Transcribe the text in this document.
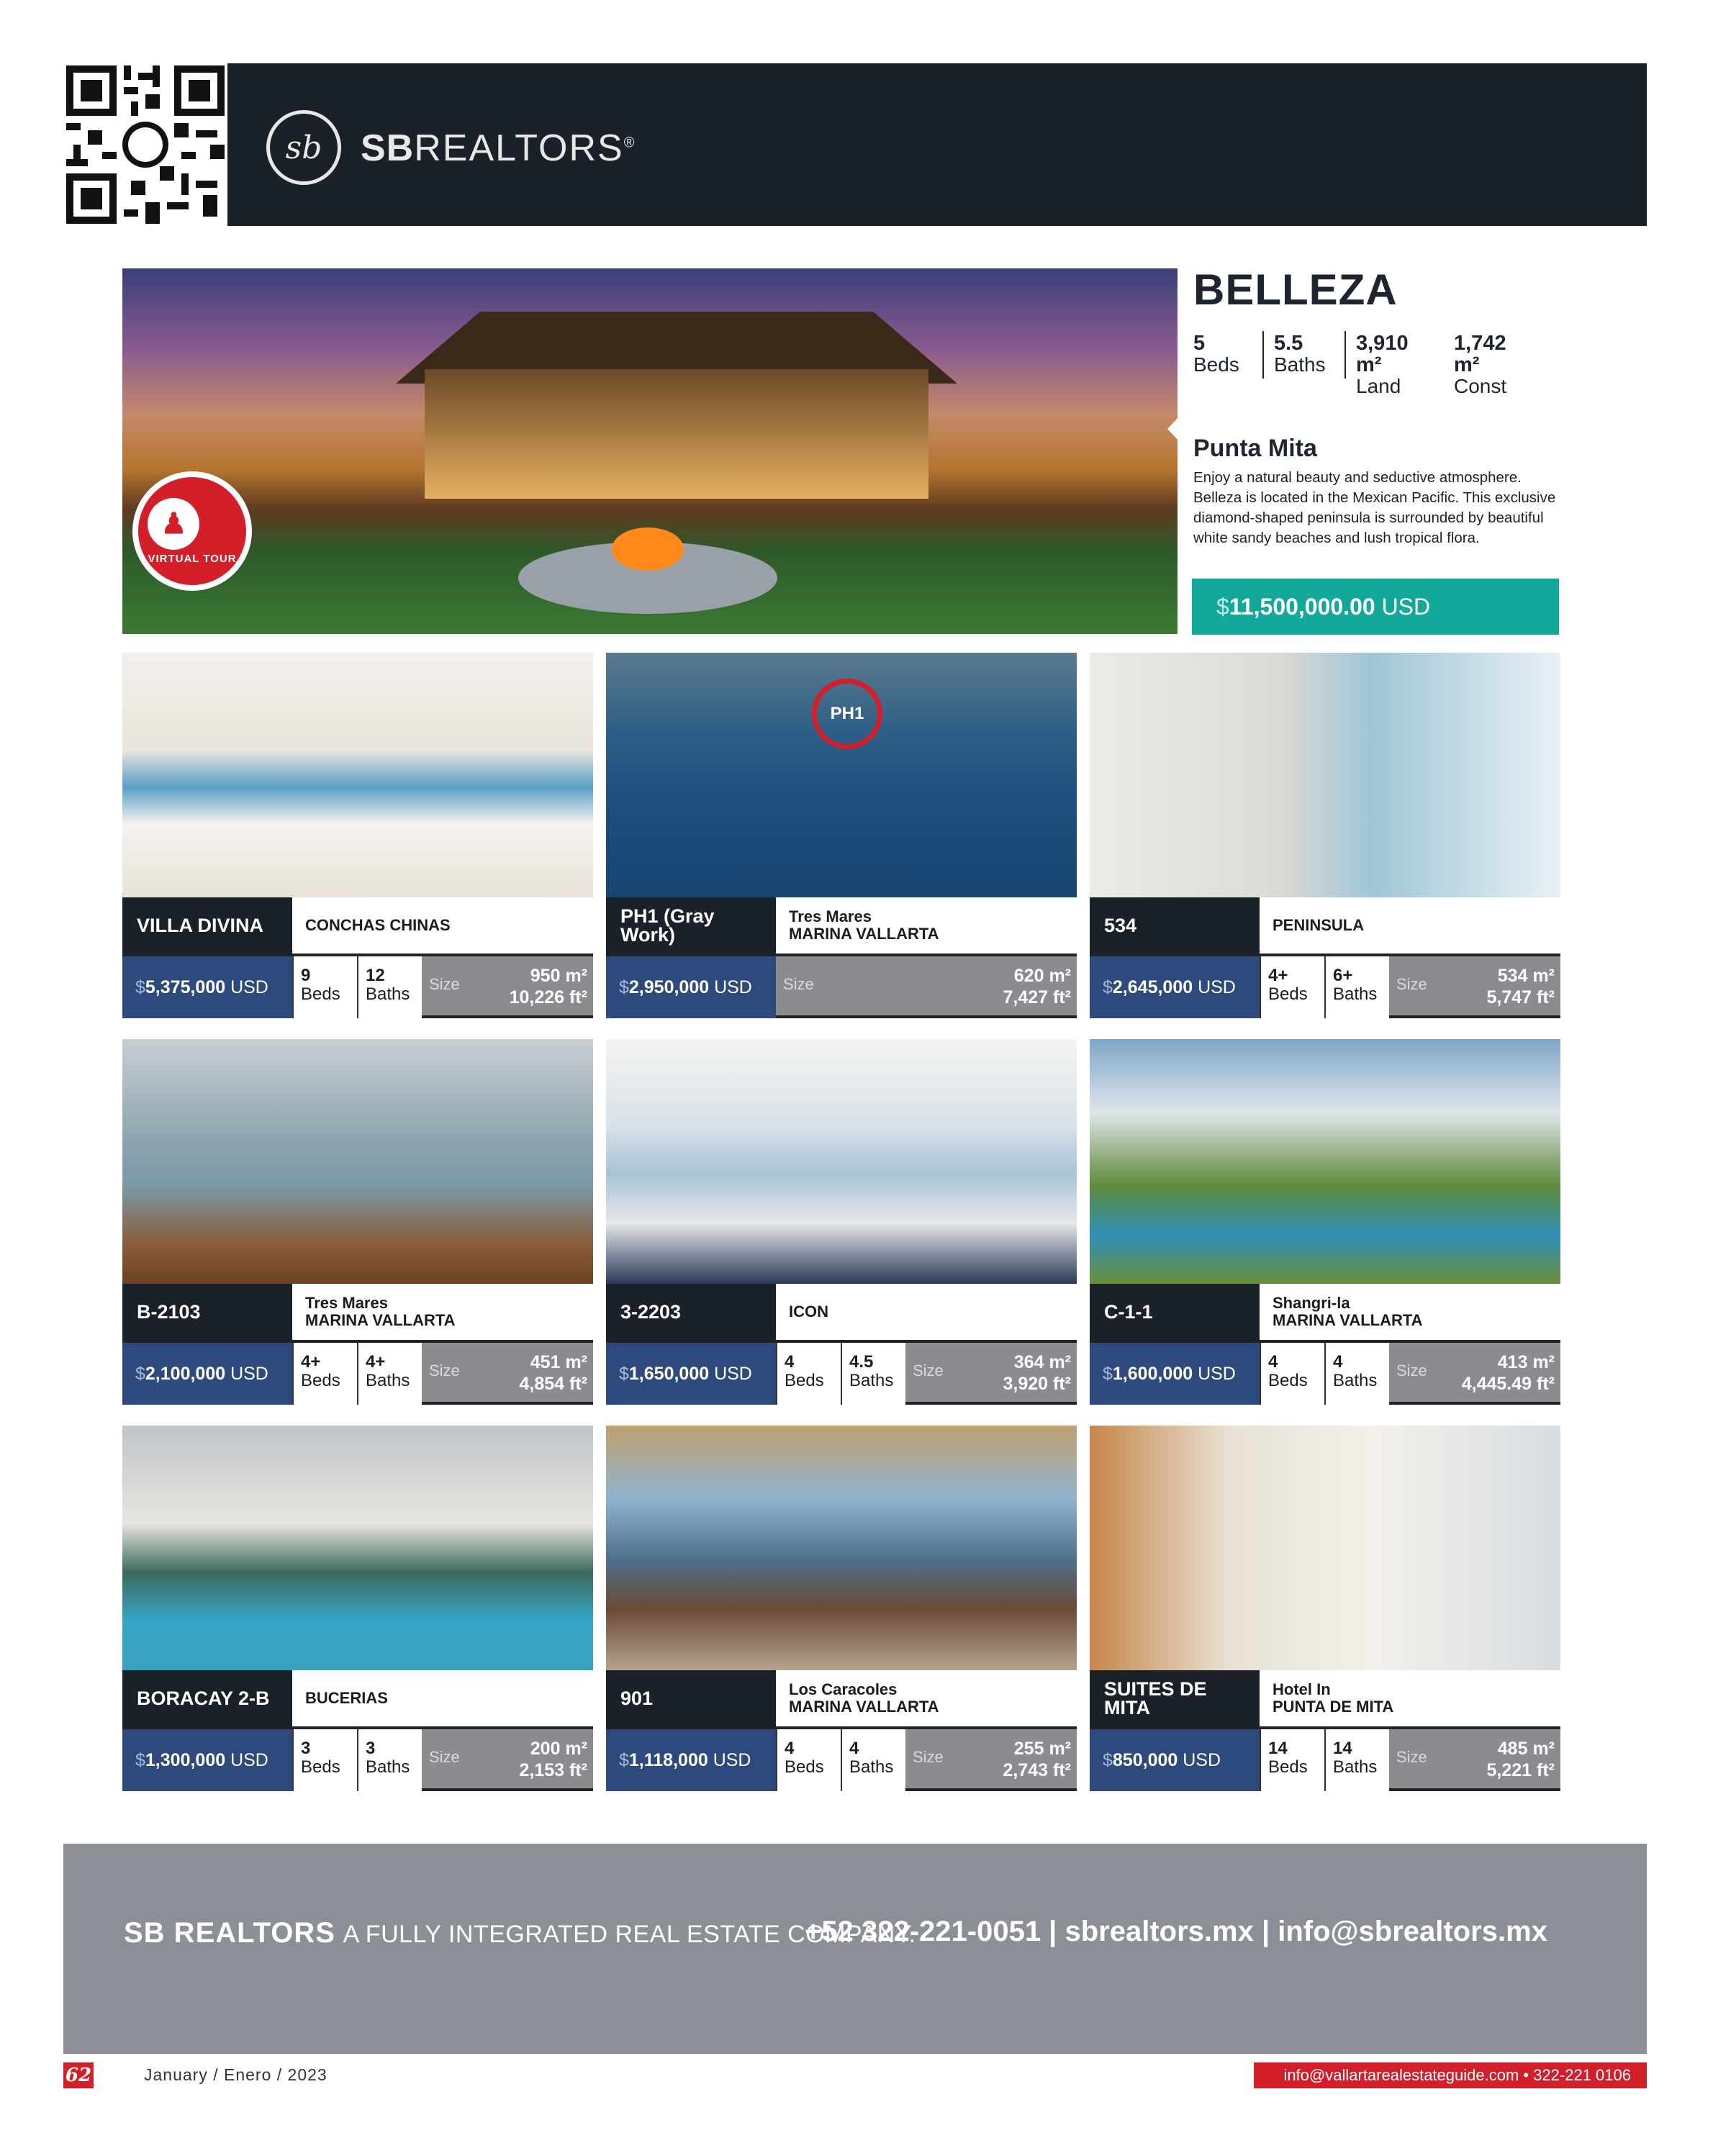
sb	SBREALTORS®
♟
VIRTUAL TOUR
BELLEZA
5
Beds
5.5
Baths
3,910 m²
Land
1,742 m²
Const
Punta Mita
Enjoy a natural beauty and seductive atmosphere. Belleza is located in the Mexican Pacific. This exclusive diamond-shaped peninsula is surrounded by beautiful white sandy beaches and lush tropical flora.
$ 11,500,000.00
USD
VILLA DIVINA	CONCHAS CHINAS
$ 5,375,000
USD
9
Beds
12
Baths
Size	950 m²
10,226 ft²
PH1
PH1 (Gray Work)
Tres Mares
MARINA VALLARTA
$ 2,950,000
USD Size	620 m²
7,427 ft²
534	PENINSULA
$ 2,645,000
USD
4+
Beds
6+
Baths
Size	534 m²
5,747 ft²
B-2103	Tres Mares
MARINA VALLARTA
$ 2,100,000
USD
4+
Beds
4+
Baths
Size	451 m²
4,854 ft²
3-2203	ICON
$ 1,650,000
USD
4
Beds
4.5
Baths
Size	364 m²
3,920 ft²
C-1-1	Shangri-la
MARINA VALLARTA
$ 1,600,000
USD
4
Beds
4
Baths
Size	413 m²
4,445.49 ft²
BORACAY 2-B	BUCERIAS
$ 1,300,000
USD
3
Beds
3
Baths
Size	200 m²
2,153 ft²
901	Los Caracoles
MARINA VALLARTA
$ 1,118,000
USD
4
Beds
4
Baths
Size	255 m²
2,743 ft²
SUITES DE MITA
Hotel In
PUNTA DE MITA
$ 850,000
USD
14
Beds
14
Baths
Size	485 m²
5,221 ft²
SB REALTORS A FULLY INTEGRATED REAL ESTATE COMPANY.
+52 322-221-0051 | sbrealtors.mx | info@sbrealtors.mx
62	January / Enero / 2023	info@vallartarealestateguide.com • 322-221 0106
